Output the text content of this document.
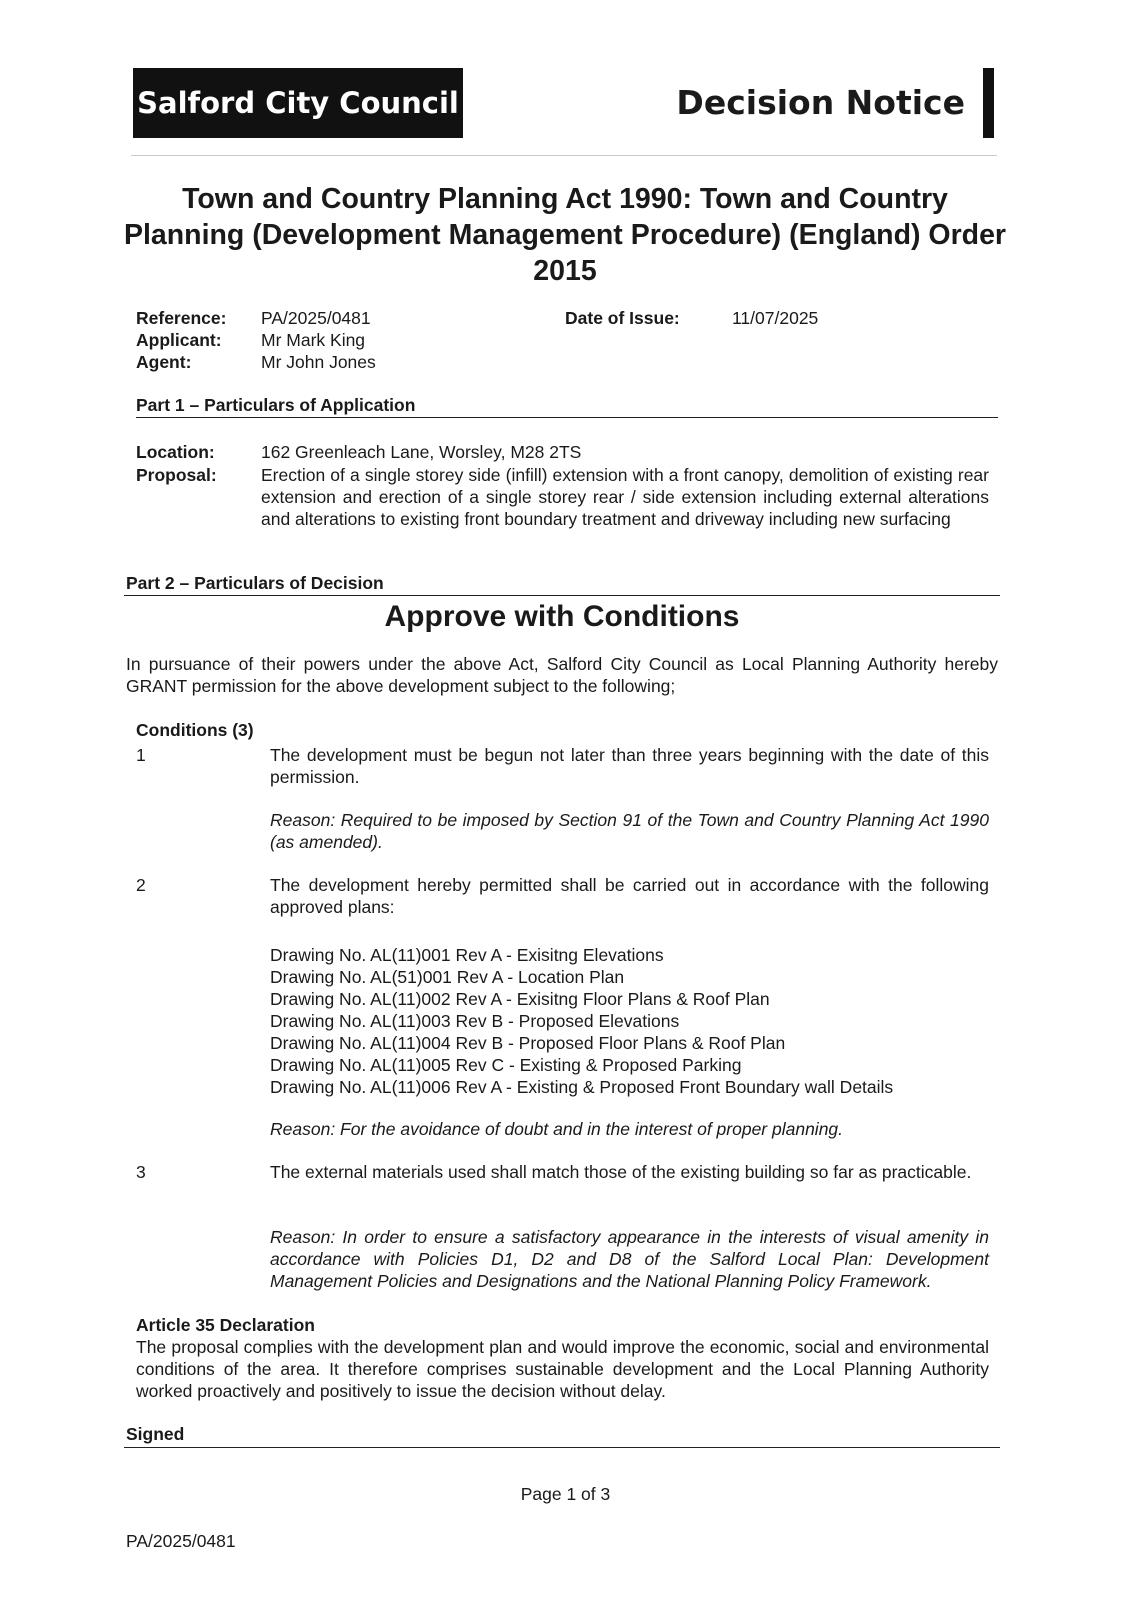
Salford City Council	Decision Notice
Town and Country Planning Act 1990: Town and Country Planning (Development Management Procedure) (England) Order 2015
Reference: PA/2025/0481	Date of Issue:	11/07/2025
Applicant: Mr Mark King
Agent:	Mr John Jones
Part 1 – Particulars of Application
Location:	162 Greenleach Lane, Worsley, M28 2TS
Proposal:	Erection of a single storey side (infill) extension with a front canopy, demolition of existing rear extension and erection of a single storey rear / side extension including external alterations and alterations to existing front boundary treatment and driveway including new surfacing
Part 2 – Particulars of Decision
Approve with Conditions
In pursuance of their powers under the above Act, Salford City Council as Local Planning Authority hereby GRANT permission for the above development subject to the following;
Conditions (3)
1	The development must be begun not later than three years beginning with the date of this permission.
Reason: Required to be imposed by Section 91 of the Town and Country Planning Act 1990 (as amended).
2	The development hereby permitted shall be carried out in accordance with the following approved plans:
Drawing No. AL(11)001 Rev A - Exisitng Elevations
Drawing No. AL(51)001 Rev A - Location Plan
Drawing No. AL(11)002 Rev A - Exisitng Floor Plans & Roof Plan
Drawing No. AL(11)003 Rev B - Proposed Elevations
Drawing No. AL(11)004 Rev B - Proposed Floor Plans & Roof Plan
Drawing No. AL(11)005 Rev C - Existing & Proposed Parking
Drawing No. AL(11)006 Rev A - Existing & Proposed Front Boundary wall Details
Reason: For the avoidance of doubt and in the interest of proper planning.
3	The external materials used shall match those of the existing building so far as practicable.
Reason: In order to ensure a satisfactory appearance in the interests of visual amenity in accordance with Policies D1, D2 and D8 of the Salford Local Plan: Development Management Policies and Designations and the National Planning Policy Framework.
Article 35 Declaration
The proposal complies with the development plan and would improve the economic, social and environmental conditions of the area. It therefore comprises sustainable development and the Local Planning Authority worked proactively and positively to issue the decision without delay.
Signed
Page 1 of 3
PA/2025/0481
